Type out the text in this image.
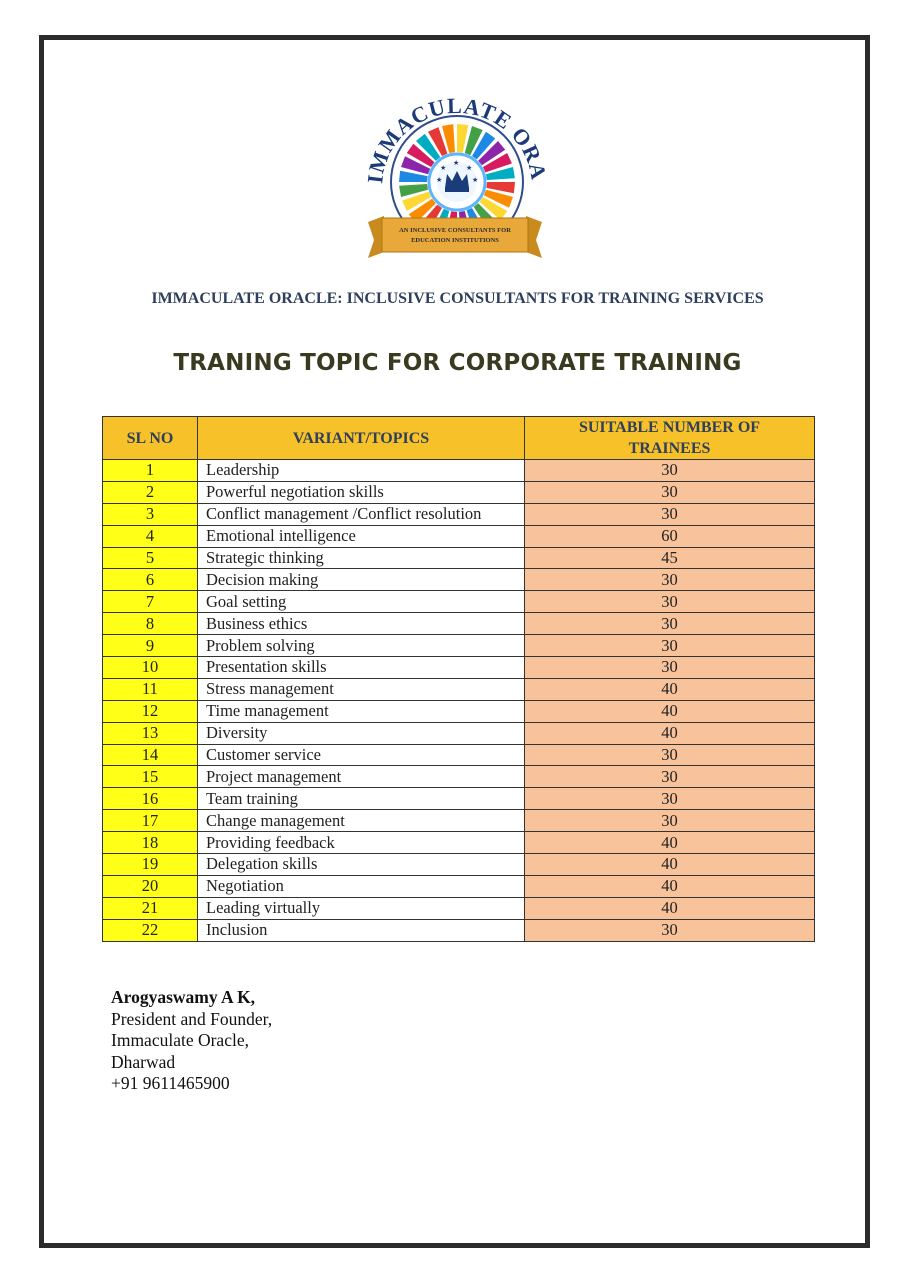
★
★
★
★	★
IMMACULATE ORA
AN INCLUSIVE CONSULTANTS FOR
EDUCATION INSTITUTIONS
IMMACULATE ORACLE: INCLUSIVE CONSULTANTS FOR TRAINING SERVICES
TRANING TOPIC FOR CORPORATE TRAINING
SL NO	VARIANT/TOPICS	SUITABLE NUMBER OF
TRAINEES
1	Leadership	30
2	Powerful negotiation skills	30
3	Conflict management /Conflict resolution	30
4	Emotional intelligence	60
5	Strategic thinking	45
6	Decision making	30
7	Goal setting	30
8	Business ethics	30
9	Problem solving	30
10	Presentation skills	30
11	Stress management	40
12	Time management	40
13	Diversity	40
14	Customer service	30
15	Project management	30
16	Team training	30
17	Change management	30
18	Providing feedback	40
19	Delegation skills	40
20	Negotiation	40
21	Leading virtually	40
22	Inclusion	30
Arogyaswamy A K,
President and Founder,
Immaculate Oracle,
Dharwad
+91 9611465900
